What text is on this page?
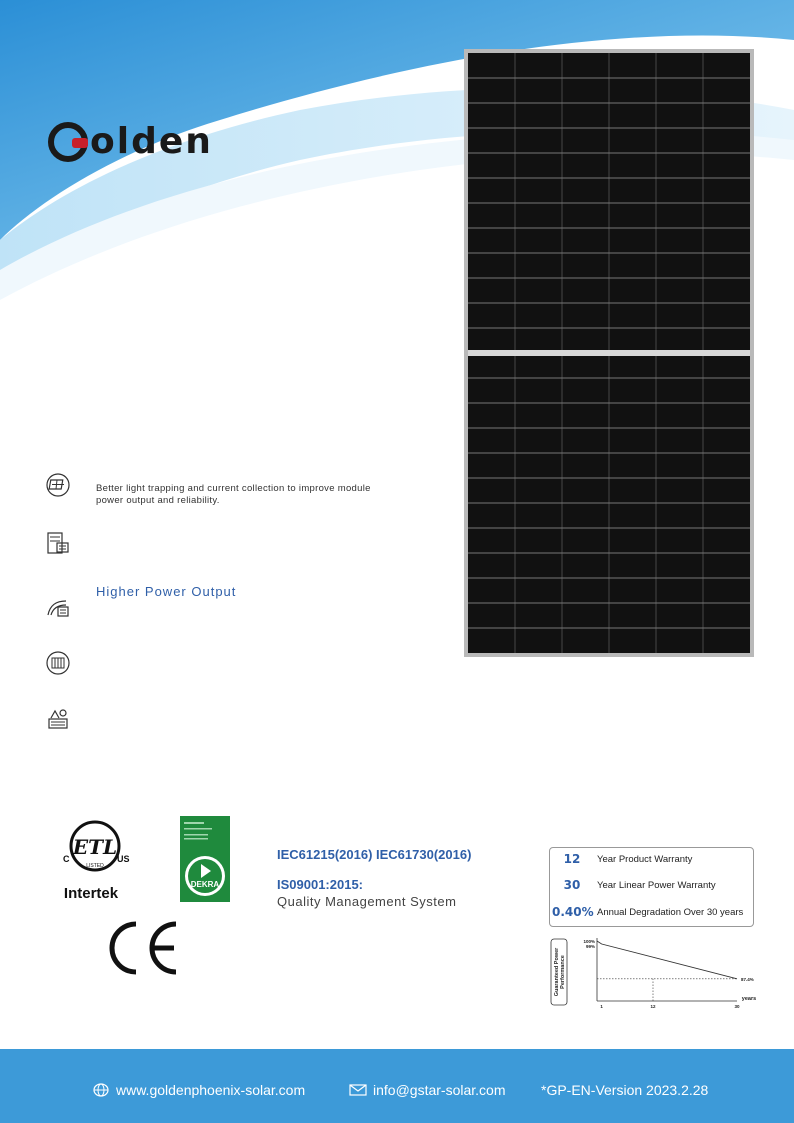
olden
Better light trapping and current collection to improve module
power output and reliability.
Higher Power Output
ETL
C	US
LISTED
Intertek
DEKRA
IEC61215(2016) IEC61730(2016)
IS09001:2015:
Quality Management System
12	Year Product Warranty
30	Year Linear Power Warranty
0.40% Annual Degradation Over 30 years
Guaranteed Power Performance
100%
99%
87.4%
1	12	30
years
www.goldenphoenix-solar.com	info@gstar-solar.com	*GP-EN-Version 2023.2.28
